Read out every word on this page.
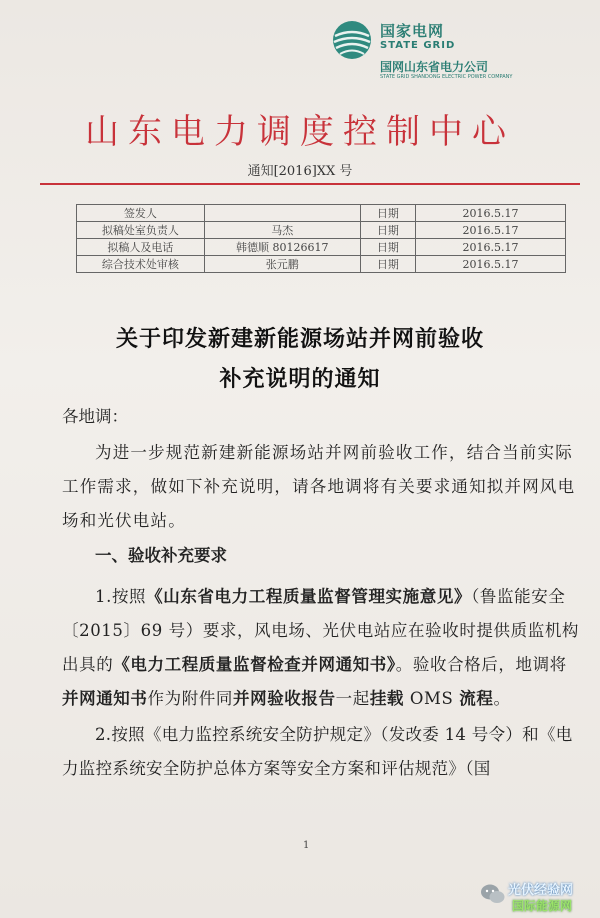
国家电网
STATE GRID
国网山东省电力公司
STATE GRID SHANDONG ELECTRIC POWER COMPANY
山东电力调度控制中心
通知[2016]XX 号
签发人		日期	2016.5.17
拟稿处室负责人	马杰	日期	2016.5.17
拟稿人及电话	韩德顺 80126617	日期	2016.5.17
综合技术处审核	张元鹏	日期	2016.5.17
关于印发新建新能源场站并网前验收
补充说明的通知
各地调：
为进一步规范新建新能源场站并网前验收工作，结合当前实际工作需求，做如下补充说明，请各地调将有关要求通知拟并网风电场和光伏电站。
一、验收补充要求
1.按照《山东省电力工程质量监督管理实施意见》（鲁监能安全〔2015〕69 号）要求，风电场、光伏电站应在验收时提供质监机构出具的《电力工程质量监督检查并网通知书》。验收合格后，地调将并网通知书作为附件同并网验收报告一起挂载 OMS 流程。
2.按照《电力监控系统安全防护规定》（发改委 14 号令）和《电力监控系统安全防护总体方案等安全方案和评估规范》（国
1
光伏经验网
国际能源网
